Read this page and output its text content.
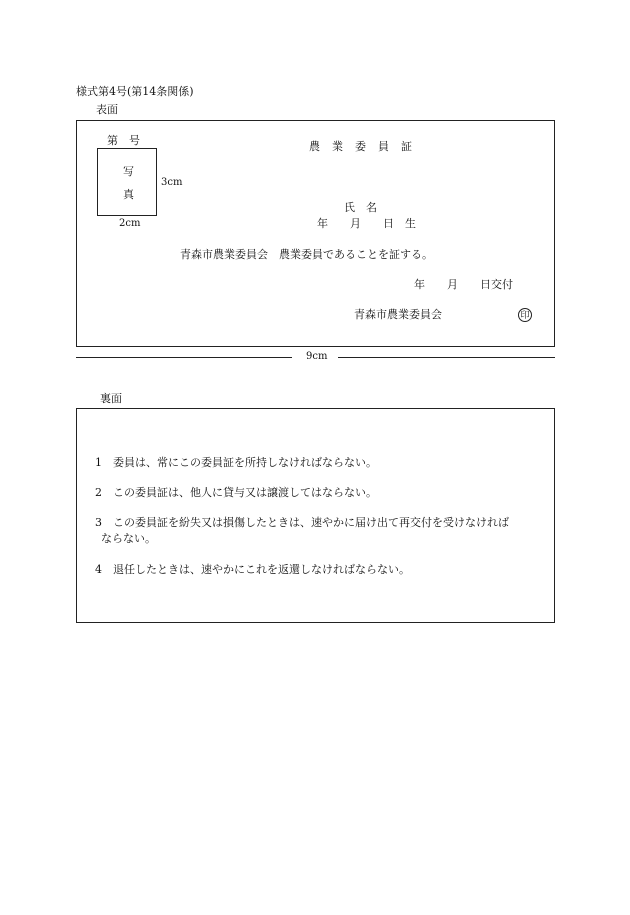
様式第4号(第14条関係)
表面
第　号	農業委員証
写
真
3cm
2cm
氏　名
年　　月　　日　生
青森市農業委員会　農業委員であることを証する。
年　　月　　日交付
青森市農業委員会	印
9cm
裏面
1　委員は、常にこの委員証を所持しなければならない。
2　この委員証は、他人に貸与又は譲渡してはならない。
3　この委員証を紛失又は損傷したときは、速やかに届け出て再交付を受けなければ
ならない。
4　退任したときは、速やかにこれを返還しなければならない。
